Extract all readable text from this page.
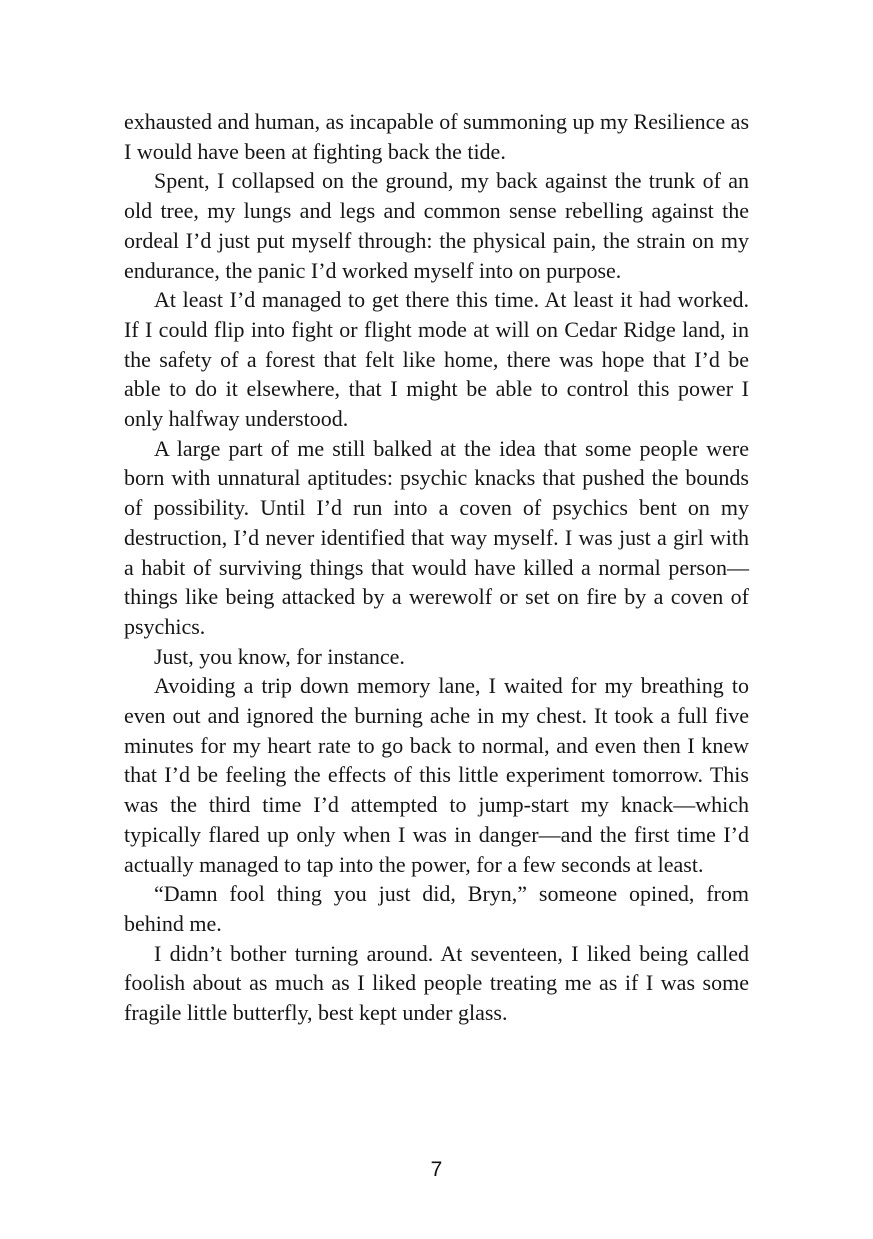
exhausted and human, as incapable of summoning up my Resilience as I would have been at fighting back the tide.

Spent, I collapsed on the ground, my back against the trunk of an old tree, my lungs and legs and common sense rebelling against the ordeal I’d just put myself through: the physical pain, the strain on my endurance, the panic I’d worked myself into on purpose.

At least I’d managed to get there this time. At least it had worked. If I could flip into fight or flight mode at will on Cedar Ridge land, in the safety of a forest that felt like home, there was hope that I’d be able to do it elsewhere, that I might be able to control this power I only halfway understood.

A large part of me still balked at the idea that some people were born with unnatural aptitudes: psychic knacks that pushed the bounds of possibility. Until I’d run into a coven of psychics bent on my destruction, I’d never identified that way myself. I was just a girl with a habit of surviving things that would have killed a normal person—things like being attacked by a werewolf or set on fire by a coven of psychics.

Just, you know, for instance.

Avoiding a trip down memory lane, I waited for my breathing to even out and ignored the burning ache in my chest. It took a full five minutes for my heart rate to go back to normal, and even then I knew that I’d be feeling the effects of this little experiment tomorrow. This was the third time I’d attempted to jump-start my knack—which typically flared up only when I was in danger—and the first time I’d actually managed to tap into the power, for a few seconds at least.

“Damn fool thing you just did, Bryn,” someone opined, from behind me.

I didn’t bother turning around. At seventeen, I liked being called foolish about as much as I liked people treating me as if I was some fragile little butterfly, best kept under glass.

7
